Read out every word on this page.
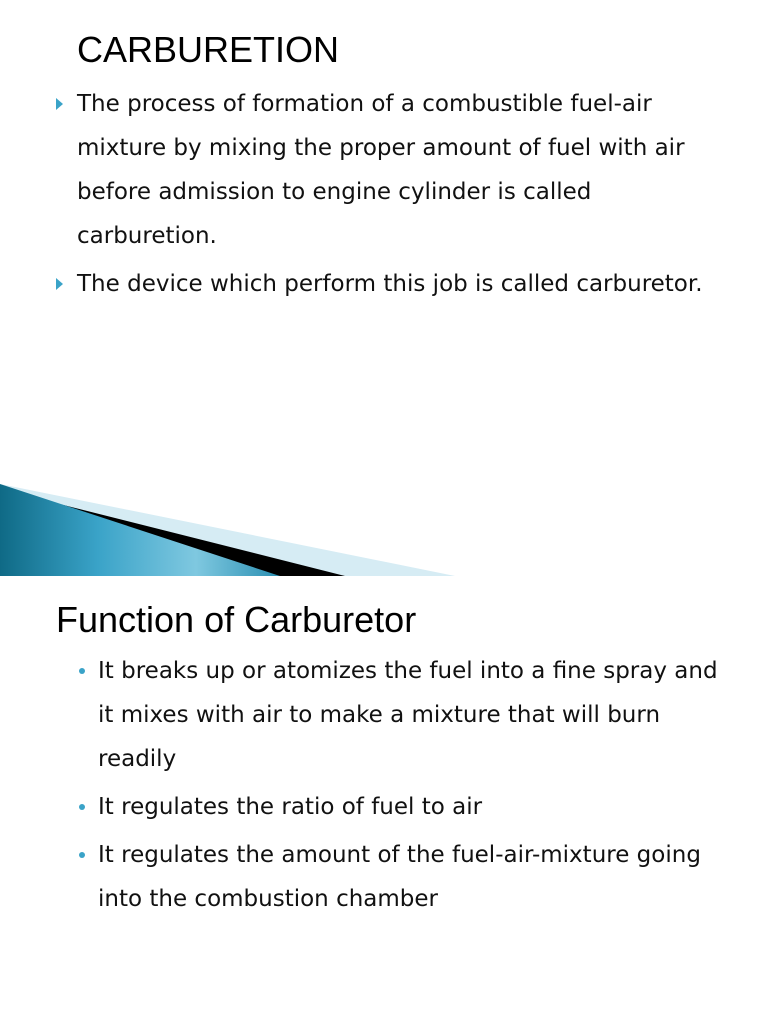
CARBURETION
The process of formation of a combustible fuel-air mixture by mixing the proper amount of fuel with air before admission to engine cylinder is called carburetion.
The device which perform this job is called carburetor.
Function of Carburetor
It breaks up or atomizes the fuel into a fine spray and it mixes with air to make a mixture that will burn readily
It regulates the ratio of fuel to air
It regulates the amount of the fuel-air-mixture going into the combustion chamber
